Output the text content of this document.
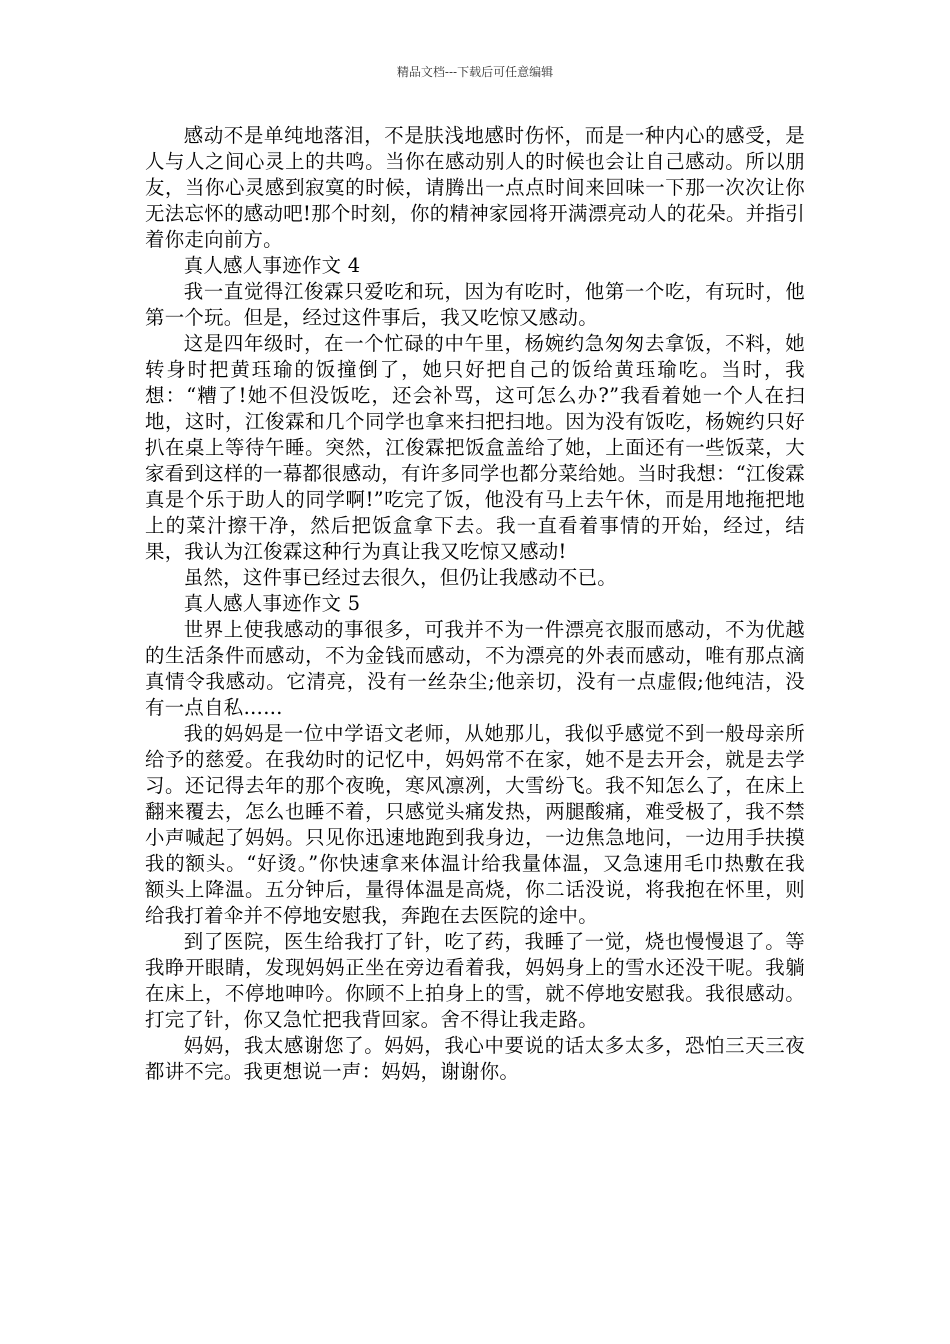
精品文档---下载后可任意编辑

感动不是单纯地落泪，不是肤浅地感时伤怀，而是一种内心的感受，是人与人之间心灵上的共鸣。当你在感动别人的时候也会让自己感动。所以朋友，当你心灵感到寂寞的时候，请腾出一点点时间来回味一下那一次次让你无法忘怀的感动吧!那个时刻，你的精神家园将开满漂亮动人的花朵。并指引着你走向前方。

真人感人事迹作文 4

我一直觉得江俊霖只爱吃和玩，因为有吃时，他第一个吃，有玩时，他第一个玩。但是，经过这件事后，我又吃惊又感动。

这是四年级时，在一个忙碌的中午里，杨婉约急匆匆去拿饭，不料，她转身时把黄珏瑜的饭撞倒了，她只好把自己的饭给黄珏瑜吃。当时，我想：“糟了!她不但没饭吃，还会补骂，这可怎么办?”我看着她一个人在扫地，这时，江俊霖和几个同学也拿来扫把扫地。因为没有饭吃，杨婉约只好扒在桌上等待午睡。突然，江俊霖把饭盒盖给了她，上面还有一些饭菜，大家看到这样的一幕都很感动，有许多同学也都分菜给她。当时我想：“江俊霖真是个乐于助人的同学啊!”吃完了饭，他没有马上去午休，而是用地拖把地上的菜汁擦干净，然后把饭盒拿下去。我一直看着事情的开始，经过，结果，我认为江俊霖这种行为真让我又吃惊又感动!

虽然，这件事已经过去很久，但仍让我感动不已。

真人感人事迹作文 5

世界上使我感动的事很多，可我并不为一件漂亮衣服而感动，不为优越的生活条件而感动，不为金钱而感动，不为漂亮的外表而感动，唯有那点滴真情令我感动。它清亮，没有一丝杂尘;他亲切，没有一点虚假;他纯洁，没有一点自私……

我的妈妈是一位中学语文老师，从她那儿，我似乎感觉不到一般母亲所给予的慈爱。在我幼时的记忆中，妈妈常不在家，她不是去开会，就是去学习。还记得去年的那个夜晚，寒风凛冽，大雪纷飞。我不知怎么了，在床上翻来覆去，怎么也睡不着，只感觉头痛发热，两腿酸痛，难受极了，我不禁小声喊起了妈妈。只见你迅速地跑到我身边，一边焦急地问，一边用手扶摸我的额头。“好烫。”你快速拿来体温计给我量体温，又急速用毛巾热敷在我额头上降温。五分钟后，量得体温是高烧，你二话没说，将我抱在怀里，则给我打着伞并不停地安慰我，奔跑在去医院的途中。

到了医院，医生给我打了针，吃了药，我睡了一觉，烧也慢慢退了。等我睁开眼睛，发现妈妈正坐在旁边看着我，妈妈身上的雪水还没干呢。我躺在床上，不停地呻吟。你顾不上拍身上的雪，就不停地安慰我。我很感动。打完了针，你又急忙把我背回家。舍不得让我走路。

妈妈，我太感谢您了。妈妈，我心中要说的话太多太多，恐怕三天三夜都讲不完。我更想说一声：妈妈，谢谢你。
